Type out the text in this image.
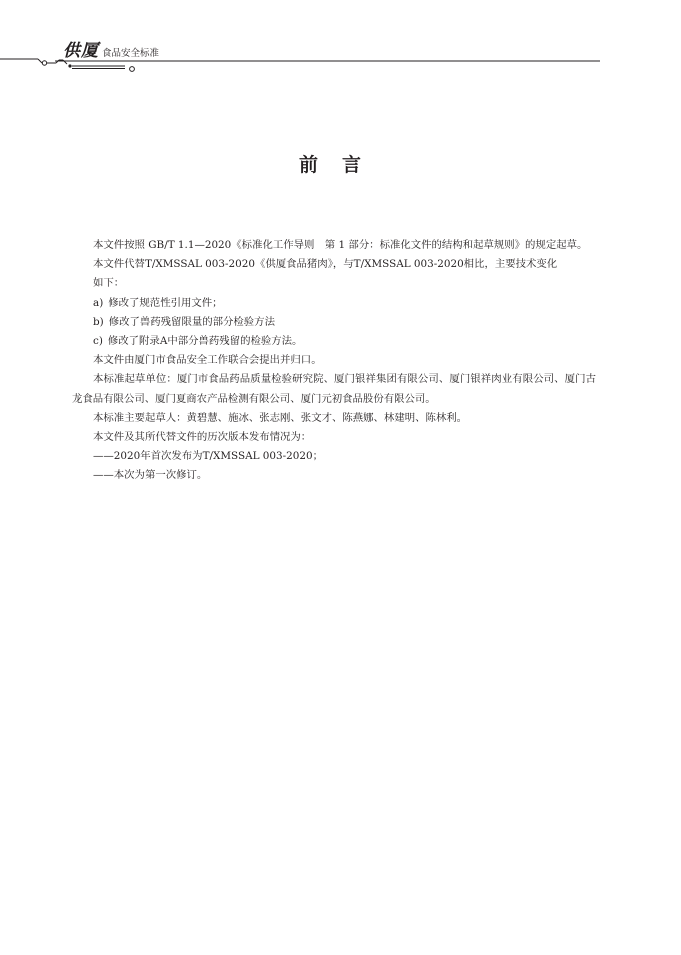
供厦 食品安全标准
前言

本文件按照 GB/T 1.1—2020《标准化工作导则　第 1 部分：标准化文件的结构和起草规则》的规定起草。

本文件代替T/XMSSAL 003-2020《供厦食品猪肉》，与T/XMSSAL 003-2020相比，主要技术变化

如下：

a) 修改了规范性引用文件；

b) 修改了兽药残留限量的部分检验方法

c) 修改了附录A中部分兽药残留的检验方法。

本文件由厦门市食品安全工作联合会提出并归口。

本标准起草单位：厦门市食品药品质量检验研究院、厦门银祥集团有限公司、厦门银祥肉业有限公司、厦门古龙食品有限公司、厦门夏商农产品检测有限公司、厦门元初食品股份有限公司。

本标准主要起草人：黄碧慧、施冰、张志刚、张文才、陈燕娜、林建明、陈林利。

本文件及其所代替文件的历次版本发布情况为：

——2020年首次发布为T/XMSSAL 003-2020；

——本次为第一次修订。
